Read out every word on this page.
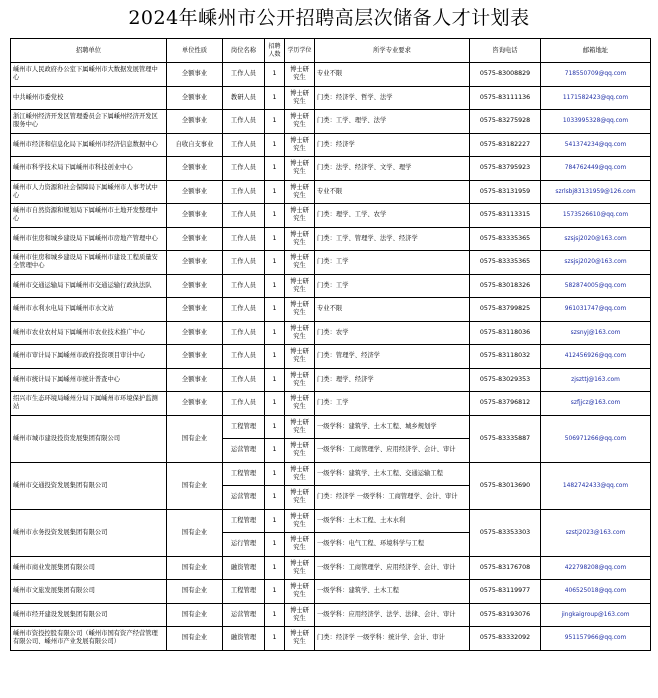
2024年嵊州市公开招聘高层次储备人才计划表
招聘单位	单位性质	岗位名称	招聘人数	学历学位	所学专业要求	咨询电话	邮箱地址
嵊州市人民政府办公室下属嵊州市大数据发展管理中心	全额事业	工作人员	1	博士研究生	专业不限	0575-83008829	718550709@qq.com
中共嵊州市委党校	全额事业	教研人员	1	博士研究生	门类：经济学、哲学、法学	0575-83111136	1171582423@qq.com
浙江嵊州经济开发区管理委员会下属嵊州经济开发区服务中心	全额事业	工作人员	1	博士研究生	门类：工学、理学、法学	0575-83275928	1033995328@qq.com
嵊州市经济和信息化局下属嵊州市经济信息数据中心	自收自支事业	工作人员	1	博士研究生	门类：经济学	0575-83182227	541374234@qq.com
嵊州市科学技术局下属嵊州市科技创业中心	全额事业	工作人员	1	博士研究生	门类：法学、经济学、文学、理学	0575-83795923	784762449@qq.com
嵊州市人力资源和社会保障局下属嵊州市人事考试中心	全额事业	工作人员	1	博士研究生	专业不限	0575-83131959	szrlsbj83131959@126.com
嵊州市自然资源和规划局下属嵊州市土地开发整理中心	全额事业	工作人员	1	博士研究生	门类：理学、工学、农学	0575-83113315	1573526610@qq.com
嵊州市住房和城乡建设局下属嵊州市房地产管理中心	全额事业	工作人员	1	博士研究生	门类：工学、管理学、法学、经济学	0575-83335365	szsjsj2020@163.com
嵊州市住房和城乡建设局下属嵊州市建设工程质量安全管理中心	全额事业	工作人员	1	博士研究生	门类：工学	0575-83335365	szsjsj2020@163.com
嵊州市交通运输局下属嵊州市交通运输行政执法队	全额事业	工作人员	1	博士研究生	门类：工学	0575-83018326	582874005@qq.com
嵊州市水利水电局下属嵊州市水文站	全额事业	工作人员	1	博士研究生	专业不限	0575-83799825	961031747@qq.com
嵊州市农业农村局下属嵊州市农业技术推广中心	全额事业	工作人员	1	博士研究生	门类：农学	0575-83118036	szsnyj@163.com
嵊州市审计局下属嵊州市政府投资项目审计中心	全额事业	工作人员	1	博士研究生	门类：管理学、经济学	0575-83118032	412456926@qq.com
嵊州市统计局下属嵊州市统计普查中心	全额事业	工作人员	1	博士研究生	门类：理学、经济学	0575-83029353	zjszttj@163.com
绍兴市生态环境局嵊州分局下属嵊州市环境保护监测站	全额事业	工作人员	1	博士研究生	门类：工学	0575-83796812	szfjjcz@163.com
嵊州市城市建设投资发展集团有限公司	国有企业	工程管理	1	博士研究生	一级学科：建筑学、土木工程、城乡规划学	0575-83335887	506971266@qq.com
		运营管理	1	博士研究生	一级学科：工商管理学、应用经济学、会计、审计		
嵊州市交通投资发展集团有限公司	国有企业	工程管理	1	博士研究生	一级学科：建筑学、土木工程、交通运输工程	0575-83013690	1482742433@qq.com
		运营管理	1	博士研究生	门类：经济学 一级学科：工商管理学、会计、审计		
嵊州市水务投资发展集团有限公司	国有企业	工程管理	1	博士研究生	一级学科：土木工程、土木水利	0575-83353303	szstj2023@163.com
		运行管理	1	博士研究生	一级学科：电气工程、环境科学与工程		
嵊州市商业发展集团有限公司	国有企业	融资管理	1	博士研究生	一级学科：工商管理学、应用经济学、会计、审计	0575-83176708	422798208@qq.com
嵊州市文旅发展集团有限公司	国有企业	工程管理	1	博士研究生	一级学科：建筑学、土木工程	0575-83119977	406525018@qq.com
嵊州市经开建设发展集团有限公司	国有企业	运营管理	1	博士研究生	一级学科：应用经济学、法学、法律、会计、审计	0575-83193076	jingkaigroup@163.com
嵊州市资投控股有限公司（嵊州市国有资产经营管理有限公司、嵊州市产业发展有限公司）	国有企业	融资管理	1	博士研究生	门类：经济学 一级学科：统计学、会计、审计	0575-83332092	951157966@qq.com
